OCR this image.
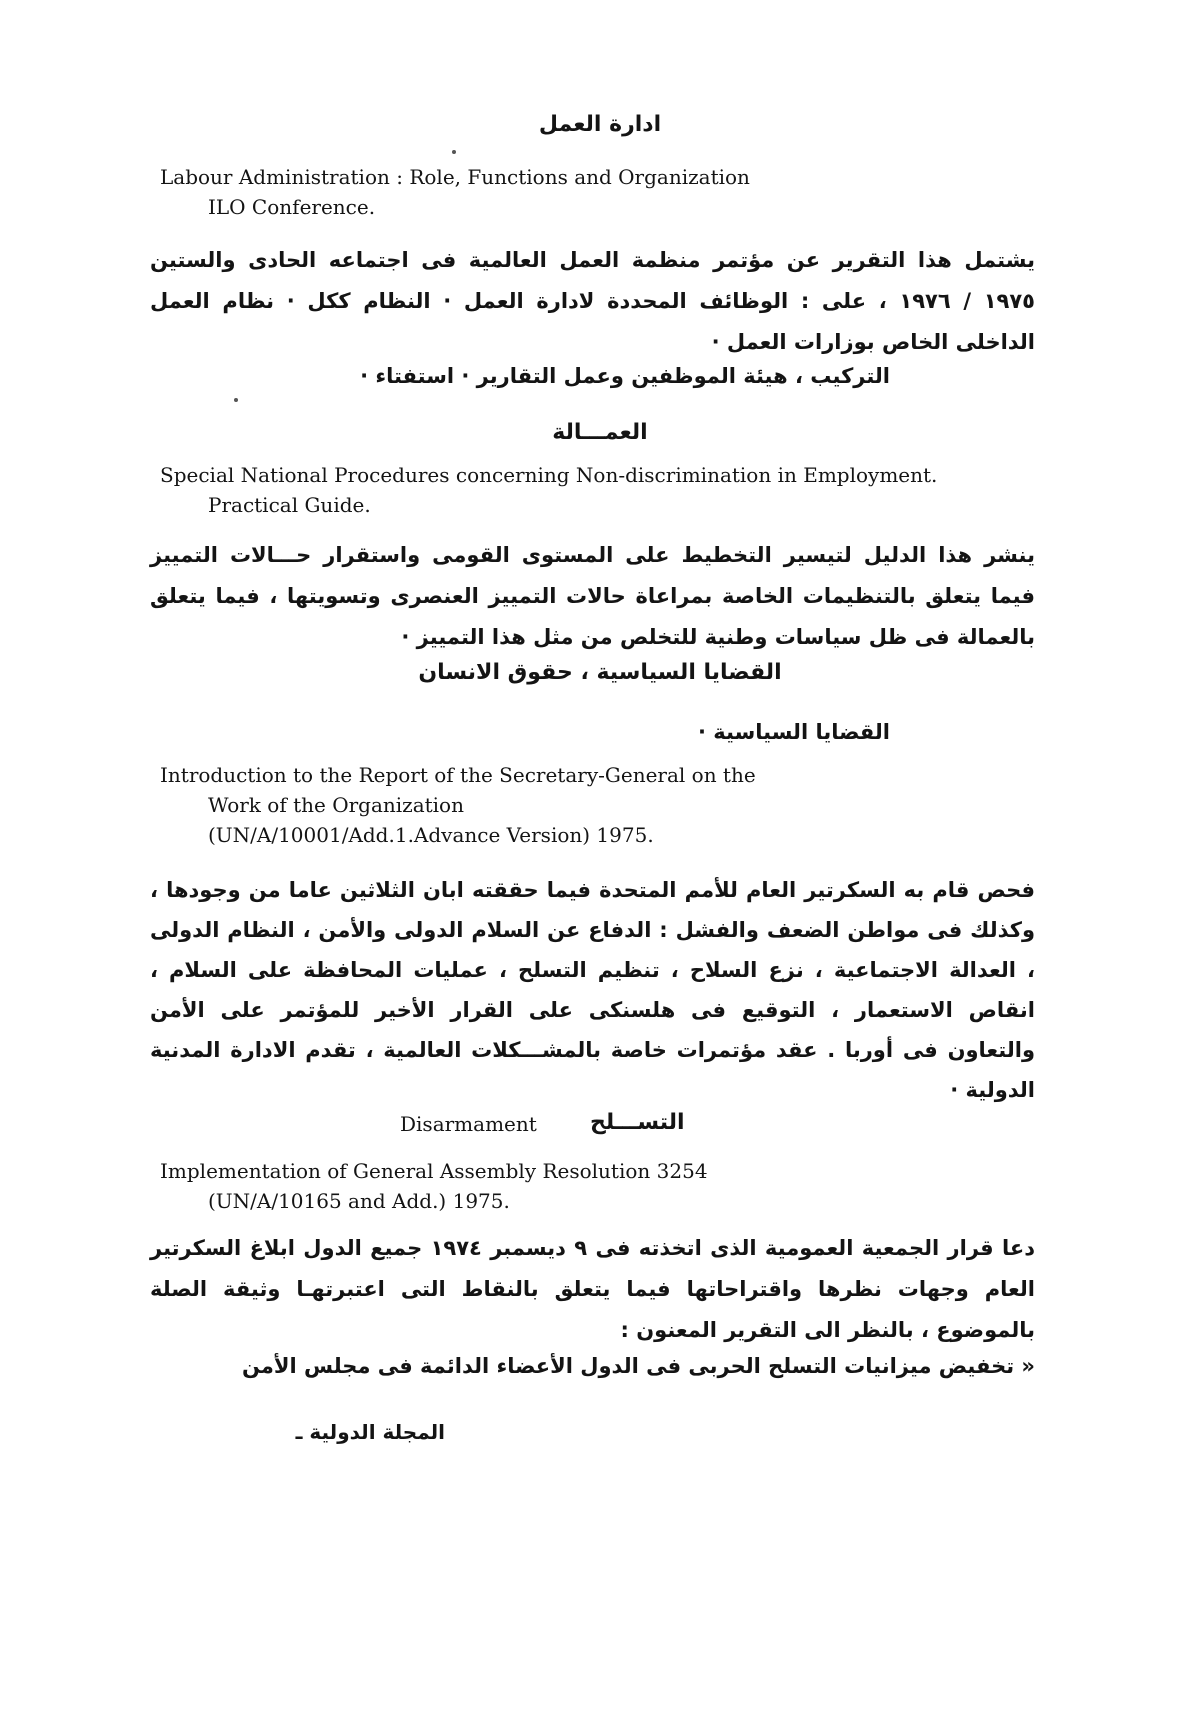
ادارة العمل
Labour Administration : Role, Functions and Organization
ILO Conference.

يشتمل هذا التقرير عن مؤتمر منظمة العمل العالمية فى اجتماعه الحادى والستين ١٩٧٥ / ١٩٧٦ ، على : الوظائف المحددة لادارة العمل · النظام ككل · نظام العمل الداخلى الخاص بوزارات العمل ·

التركيب ، هيئة الموظفين وعمل التقارير · استفتاء ·

العمـــالة
Special National Procedures concerning Non-discrimination in Employment.
Practical Guide.

ينشر هذا الدليل لتيسير التخطيط على المستوى القومى واستقرار حـــالات التمييز فيما يتعلق بالتنظيمات الخاصة بمراعاة حالات التمييز العنصرى وتسويتها ، فيما يتعلق بالعمالة فى ظل سياسات وطنية للتخلص من مثل هذا التمييز ·

القضايا السياسية ، حقوق الانسان

القضايا السياسية ·

Introduction to the Report of the Secretary-General on the
Work of the Organization
(UN/A/10001/Add.1.Advance Version) 1975.

فحص قام به السكرتير العام للأمم المتحدة فيما حققته ابان الثلاثين عاما من وجودها ، وكذلك فى مواطن الضعف والفشل : الدفاع عن السلام الدولى والأمن ، النظام الدولى ، العدالة الاجتماعية ، نزع السلاح ، تنظيم التسلح ، عمليات المحافظة على السلام ، انقاص الاستعمار ، التوقيع فى هلسنكى على القرار الأخير للمؤتمر على الأمن والتعاون فى أوربا . عقد مؤتمرات خاصة بالمشـــكلات العالمية ، تقدم الادارة المدنية الدولية ·

Disarmament التســـلح
Implementation of General Assembly Resolution 3254
(UN/A/10165 and Add.) 1975.

دعا قرار الجمعية العمومية الذى اتخذته فى ٩ ديسمبر ١٩٧٤ جميع الدول ابلاغ السكرتير العام وجهات نظرها واقتراحاتها فيما يتعلق بالنقاط التى اعتبرتهـا وثيقة الصلة بالموضوع ، بالنظر الى التقرير المعنون :

« تخفيض ميزانيات التسلح الحربى فى الدول الأعضاء الدائمة فى مجلس الأمن

المجلة الدولية ـ
